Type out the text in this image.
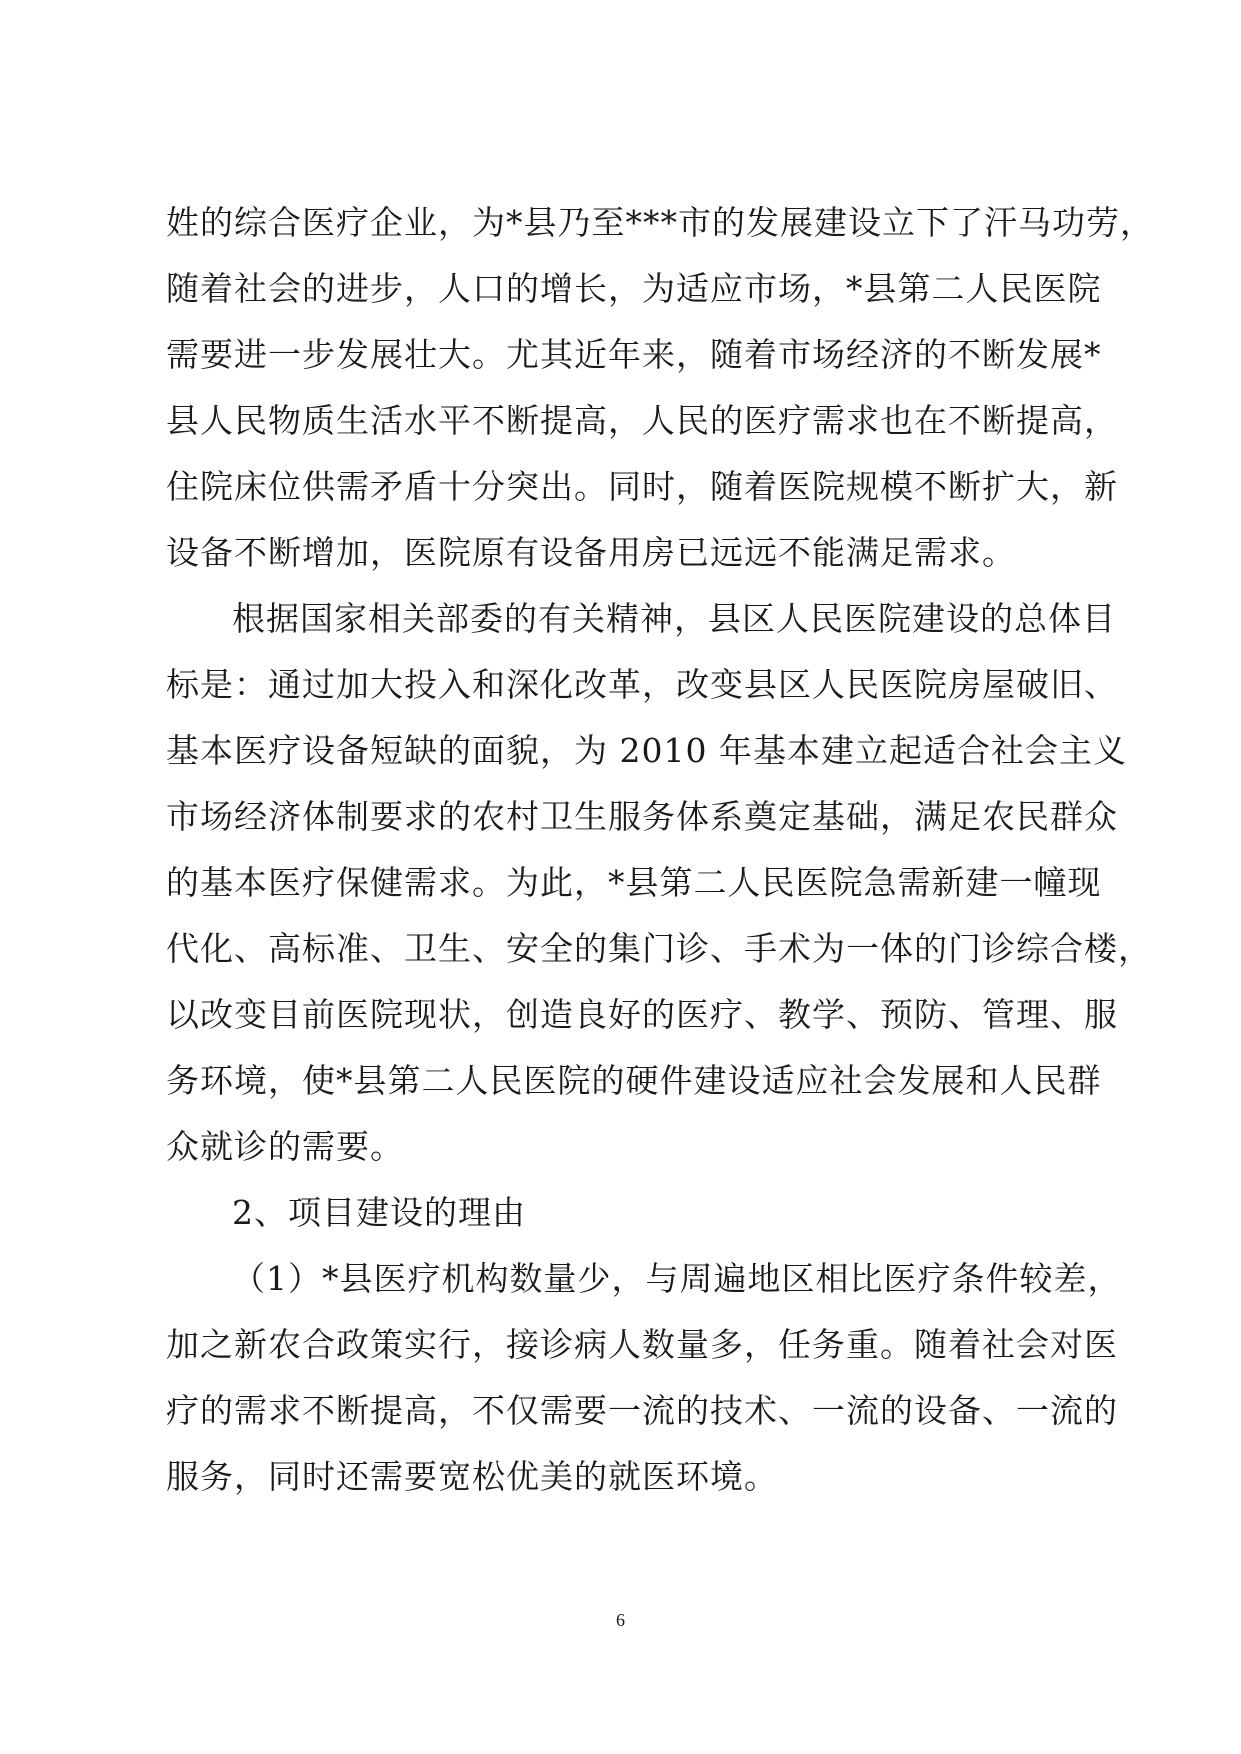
姓的综合医疗企业，为*县乃至***市的发展建设立下了汗马功劳，
随着社会的进步，人口的增长，为适应市场，*县第二人民医院
需要进一步发展壮大。尤其近年来，随着市场经济的不断发展*
县人民物质生活水平不断提高，人民的医疗需求也在不断提高，
住院床位供需矛盾十分突出。同时，随着医院规模不断扩大，新
设备不断增加，医院原有设备用房已远远不能满足需求。
根据国家相关部委的有关精神，县区人民医院建设的总体目
标是：通过加大投入和深化改革，改变县区人民医院房屋破旧、
基本医疗设备短缺的面貌，为 2010 年基本建立起适合社会主义
市场经济体制要求的农村卫生服务体系奠定基础，满足农民群众
的基本医疗保健需求。为此，*县第二人民医院急需新建一幢现
代化、高标准、卫生、安全的集门诊、手术为一体的门诊综合楼，
以改变目前医院现状，创造良好的医疗、教学、预防、管理、服
务环境，使*县第二人民医院的硬件建设适应社会发展和人民群
众就诊的需要。
2、项目建设的理由
（1）*县医疗机构数量少，与周遍地区相比医疗条件较差，
加之新农合政策实行，接诊病人数量多，任务重。随着社会对医
疗的需求不断提高，不仅需要一流的技术、一流的设备、一流的
服务，同时还需要宽松优美的就医环境。
6
